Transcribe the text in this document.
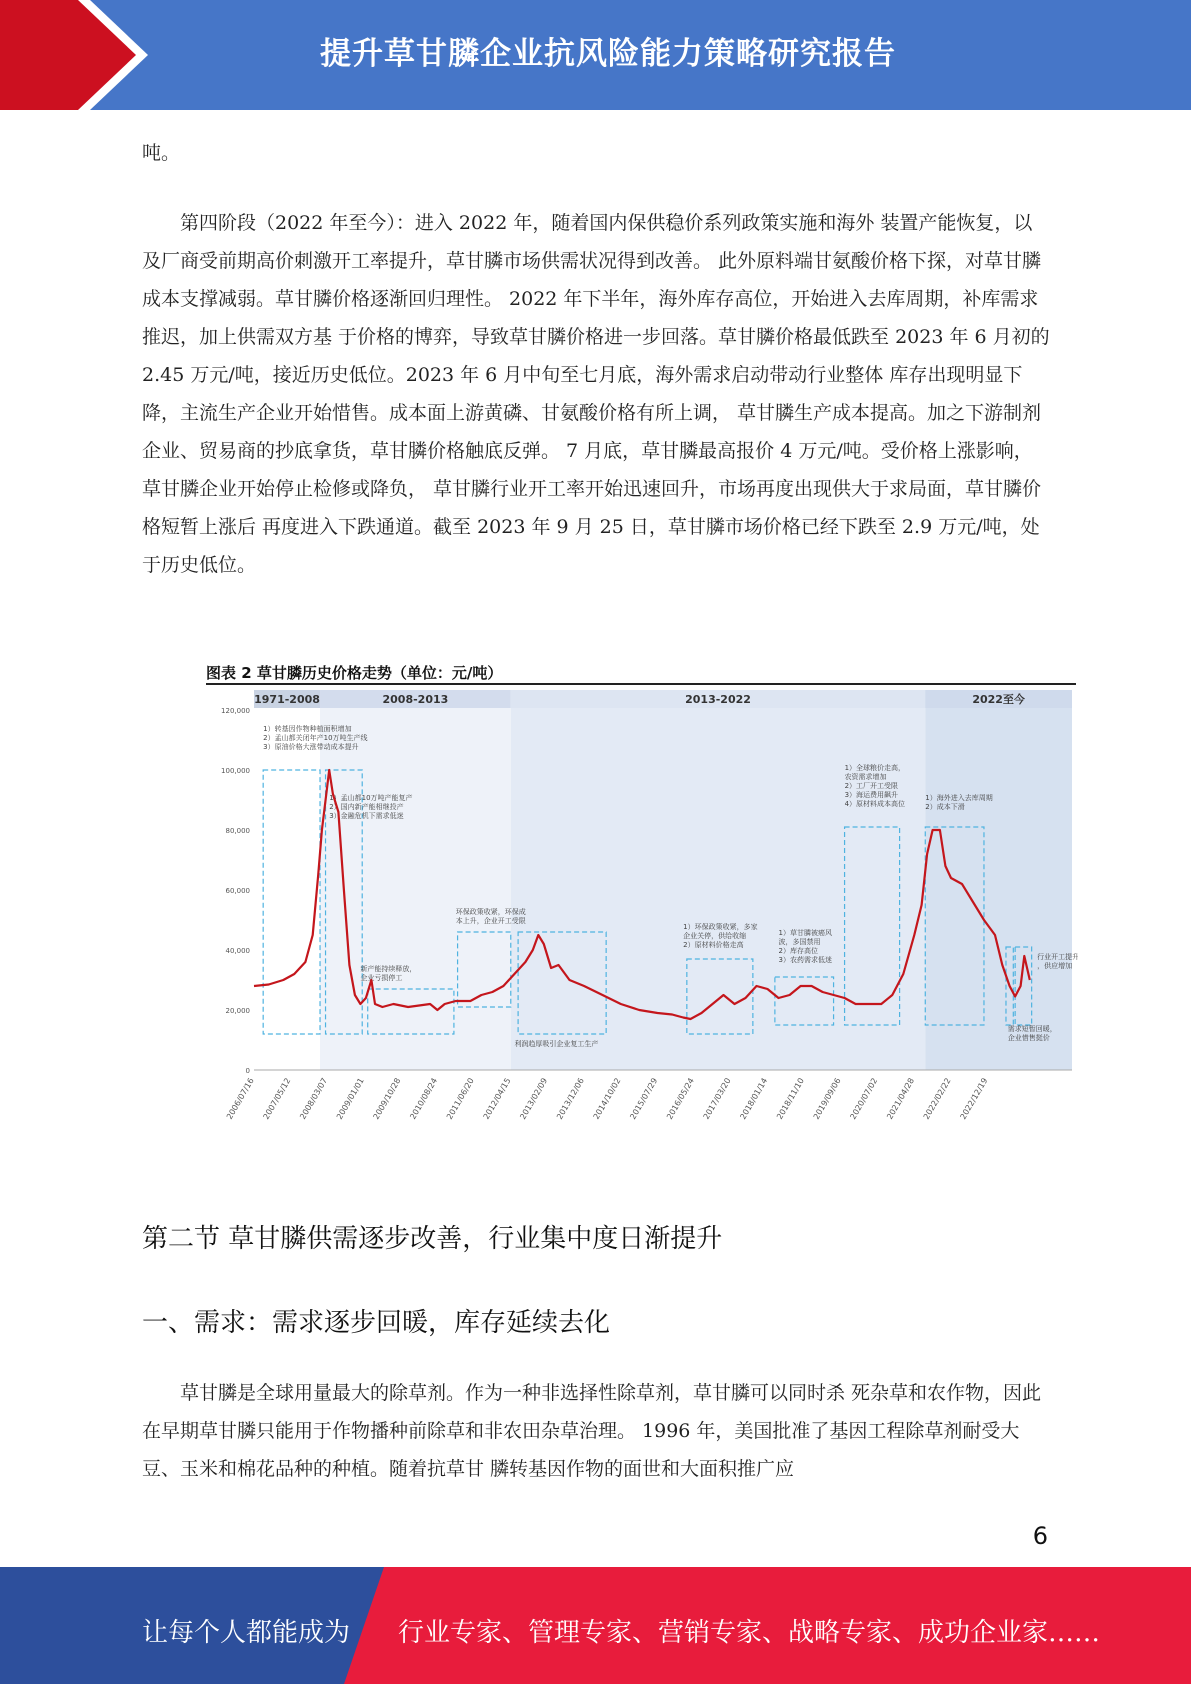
提升草甘膦企业抗风险能力策略研究报告
吨。
第四阶段（2022 年至今）：进入 2022 年，随着国内保供稳价系列政策实施和海外 装置产能恢复，以及厂商受前期高价刺激开工率提升，草甘膦市场供需状况得到改善。 此外原料端甘氨酸价格下探，对草甘膦成本支撑减弱。草甘膦价格逐渐回归理性。 2022 年下半年，海外库存高位，开始进入去库周期，补库需求推迟，加上供需双方基 于价格的博弈，导致草甘膦价格进一步回落。草甘膦价格最低跌至 2023 年 6 月初的 2.45 万元/吨，接近历史低位。2023 年 6 月中旬至七月底，海外需求启动带动行业整体 库存出现明显下降，主流生产企业开始惜售。成本面上游黄磷、甘氨酸价格有所上调， 草甘膦生产成本提高。加之下游制剂企业、贸易商的抄底拿货，草甘膦价格触底反弹。 7 月底，草甘膦最高报价 4 万元/吨。受价格上涨影响，草甘膦企业开始停止检修或降负， 草甘膦行业开工率开始迅速回升，市场再度出现供大于求局面，草甘膦价格短暂上涨后 再度进入下跌通道。截至 2023 年 9 月 25 日，草甘膦市场价格已经下跌至 2.9 万元/吨，处于历史低位。
图表 2 草甘膦历史价格走势（单位：元/吨）
1971-2008	2008-2013	2013-2022	2022至今
0
20,000
40,000
60,000
80,000
100,000
120,000
2006/07/16 2007/05/12 2008/03/07 2009/01/01 2009/10/28 2010/08/24 2011/06/20 2012/04/15 2013/02/09 2013/12/06 2014/10/02 2015/07/29 2016/05/24 2017/03/20 2018/01/14 2018/11/10 2019/09/06 2020/07/02 2021/04/28 2022/02/22 2022/12/19
1）转基因作物种植面积增加
2）孟山都关闭年产10万吨生产线
3）原油价格大涨带动成本提升
1）孟山都10万吨产能复产
2）国内新产能相继投产
3）金融危机下需求低迷
新产能持续释放，
企业亏损停工
环保政策收紧，环保成
本上升，企业开工受限
利润趋厚吸引企业复工生产
1）环保政策收紧，多家
企业关停，供给收缩
2）原材料价格走高
1）草甘膦被癌风
波，多国禁用
2）库存高位
3）农药需求低迷
1）全球粮价走高，
农资需求增加
2）工厂开工受限
3）海运费用飙升
4）原材料成本高位
1）海外进入去库周期
2）成本下滑
需求短暂回暖，
企业惜售挺价
行业开工提升
，供应增加
第二节 草甘膦供需逐步改善，行业集中度日渐提升
一、需求：需求逐步回暖，库存延续去化
草甘膦是全球用量最大的除草剂。作为一种非选择性除草剂，草甘膦可以同时杀 死杂草和农作物，因此在早期草甘膦只能用于作物播种前除草和非农田杂草治理。 1996 年，美国批准了基因工程除草剂耐受大豆、玉米和棉花品种的种植。随着抗草甘 膦转基因作物的面世和大面积推广应
6
让每个人都能成为 行业专家、管理专家、营销专家、战略专家、成功企业家……
